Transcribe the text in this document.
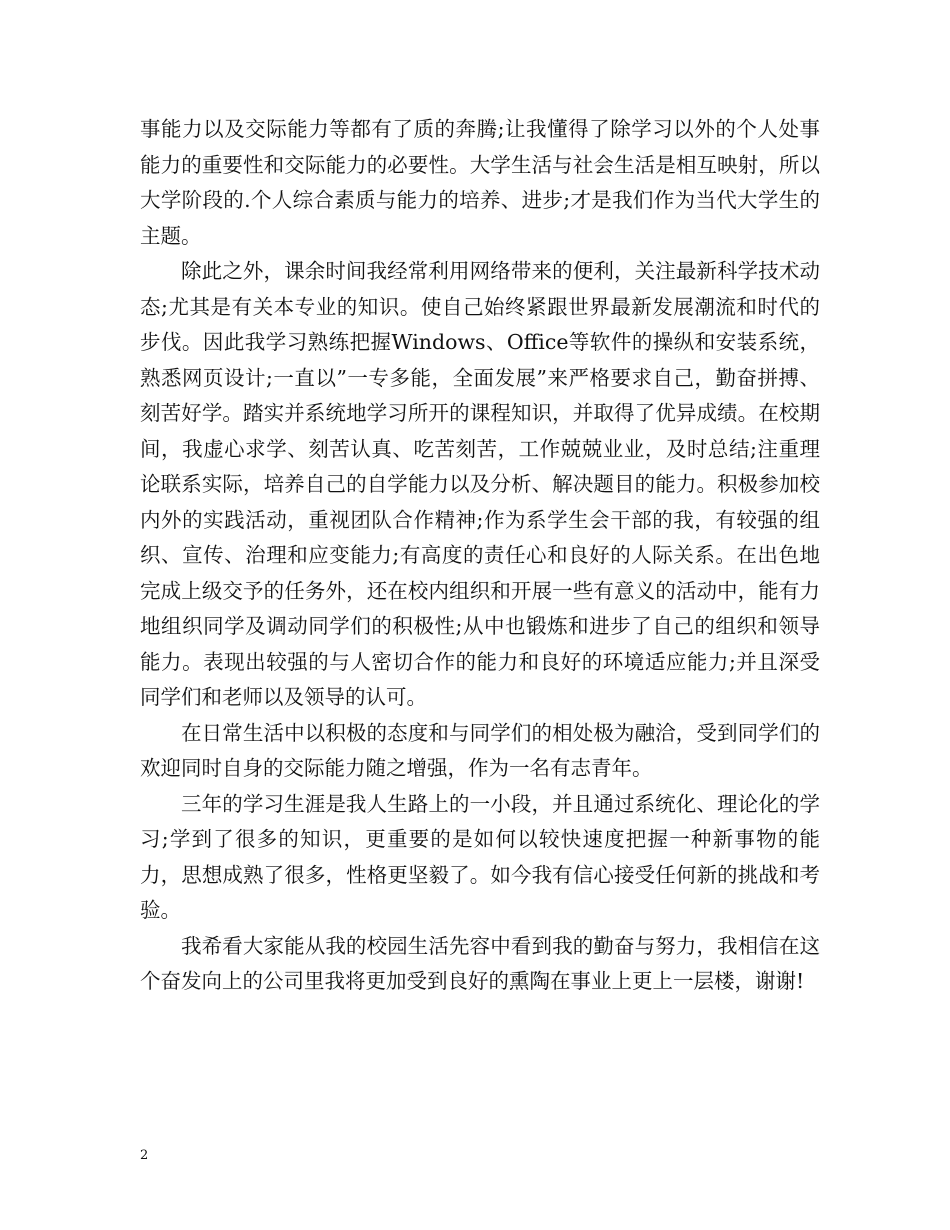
事能力以及交际能力等都有了质的奔腾;让我懂得了除学习以外的个人处事能力的重要性和交际能力的必要性。大学生活与社会生活是相互映射，所以大学阶段的.个人综合素质与能力的培养、进步;才是我们作为当代大学生的主题。

除此之外，课余时间我经常利用网络带来的便利，关注最新科学技术动态;尤其是有关本专业的知识。使自己始终紧跟世界最新发展潮流和时代的步伐。因此我学习熟练把握Windows、Office等软件的操纵和安装系统，熟悉网页设计;一直以”一专多能，全面发展”来严格要求自己，勤奋拼搏、刻苦好学。踏实并系统地学习所开的课程知识，并取得了优异成绩。在校期间，我虚心求学、刻苦认真、吃苦刻苦，工作兢兢业业，及时总结;注重理论联系实际，培养自己的自学能力以及分析、解决题目的能力。积极参加校内外的实践活动，重视团队合作精神;作为系学生会干部的我，有较强的组织、宣传、治理和应变能力;有高度的责任心和良好的人际关系。在出色地完成上级交予的任务外，还在校内组织和开展一些有意义的活动中，能有力地组织同学及调动同学们的积极性;从中也锻炼和进步了自己的组织和领导能力。表现出较强的与人密切合作的能力和良好的环境适应能力;并且深受同学们和老师以及领导的认可。

在日常生活中以积极的态度和与同学们的相处极为融洽，受到同学们的欢迎同时自身的交际能力随之增强，作为一名有志青年。

三年的学习生涯是我人生路上的一小段，并且通过系统化、理论化的学习;学到了很多的知识，更重要的是如何以较快速度把握一种新事物的能力，思想成熟了很多，性格更坚毅了。如今我有信心接受任何新的挑战和考验。

我希看大家能从我的校园生活先容中看到我的勤奋与努力，我相信在这个奋发向上的公司里我将更加受到良好的熏陶在事业上更上一层楼，谢谢!

2
